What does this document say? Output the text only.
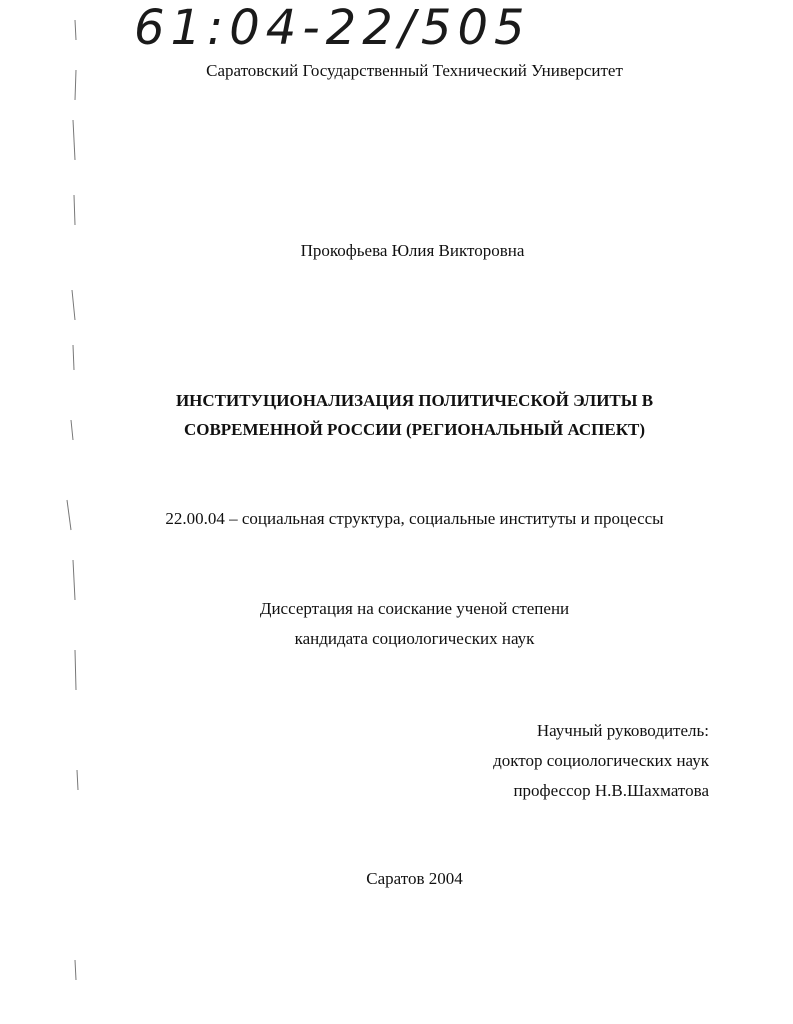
61:04-22/505
Саратовский Государственный Технический Университет
Прокофьева Юлия Викторовна
ИНСТИТУЦИОНАЛИЗАЦИЯ ПОЛИТИЧЕСКОЙ ЭЛИТЫ В
СОВРЕМЕННОЙ РОССИИ (РЕГИОНАЛЬНЫЙ АСПЕКТ)
22.00.04 – социальная структура, социальные институты и процессы
Диссертация на соискание ученой степени
кандидата социологических наук
Научный руководитель:
доктор социологических наук
профессор Н.В.Шахматова
Саратов 2004
